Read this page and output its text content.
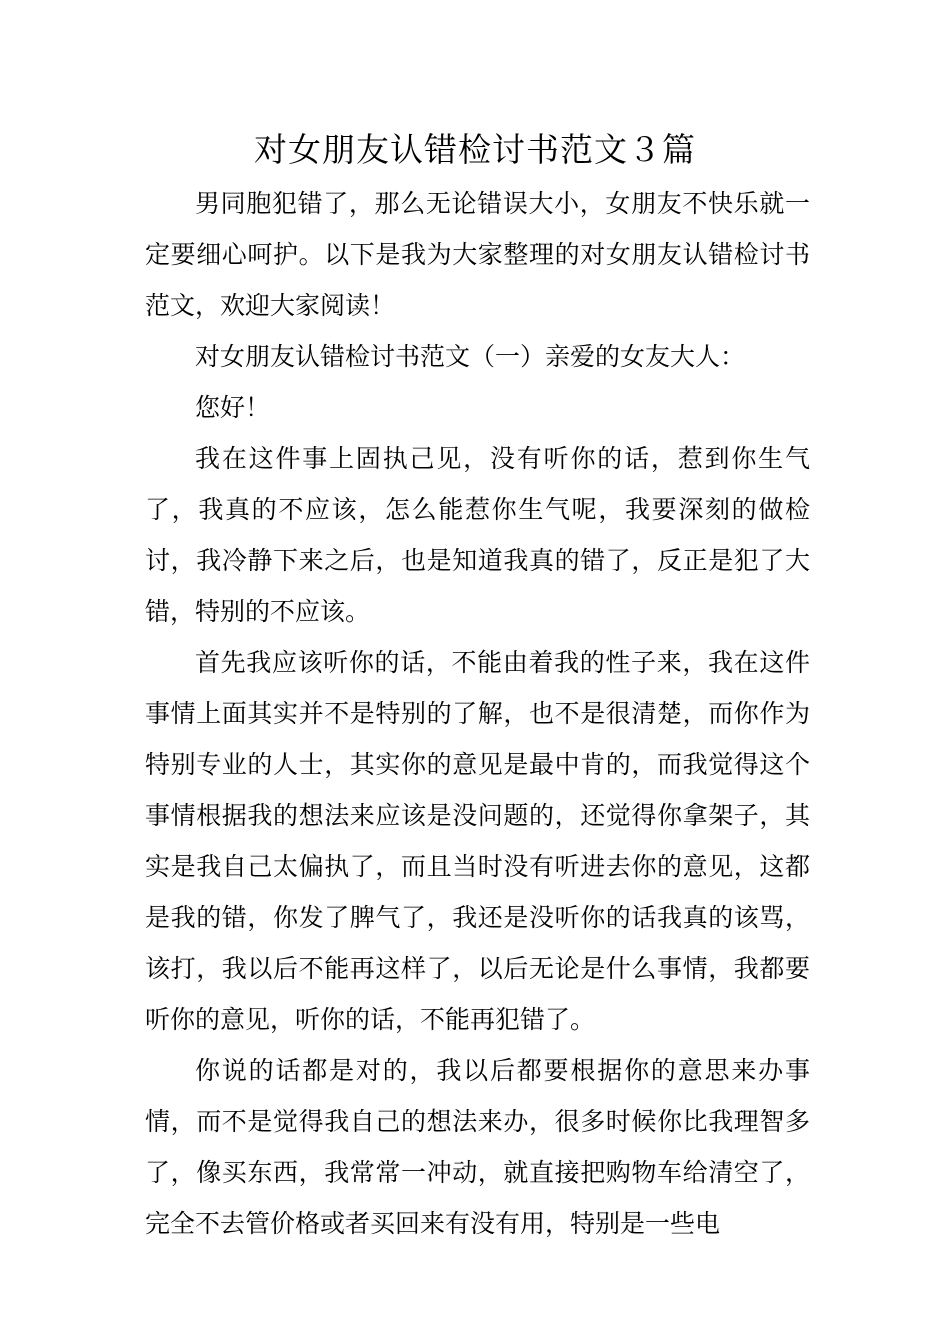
对女朋友认错检讨书范文３篇

男同胞犯错了，那么无论错误大小，女朋友不快乐就一定要细心呵护。以下是我为大家整理的对女朋友认错检讨书范文，欢迎大家阅读！

对女朋友认错检讨书范文（一）亲爱的女友大人：

您好！

我在这件事上固执己见，没有听你的话，惹到你生气了，我真的不应该，怎么能惹你生气呢，我要深刻的做检讨，我冷静下来之后，也是知道我真的错了，反正是犯了大错，特别的不应该。

首先我应该听你的话，不能由着我的性子来，我在这件事情上面其实并不是特别的了解，也不是很清楚，而你作为特别专业的人士，其实你的意见是最中肯的，而我觉得这个事情根据我的想法来应该是没问题的，还觉得你拿架子，其实是我自己太偏执了，而且当时没有听进去你的意见，这都是我的错，你发了脾气了，我还是没听你的话我真的该骂，该打，我以后不能再这样了，以后无论是什么事情，我都要听你的意见，听你的话，不能再犯错了。

你说的话都是对的，我以后都要根据你的意思来办事情，而不是觉得我自己的想法来办，很多时候你比我理智多了，像买东西，我常常一冲动，就直接把购物车给清空了，完全不去管价格或者买回来有没有用，特别是一些电
